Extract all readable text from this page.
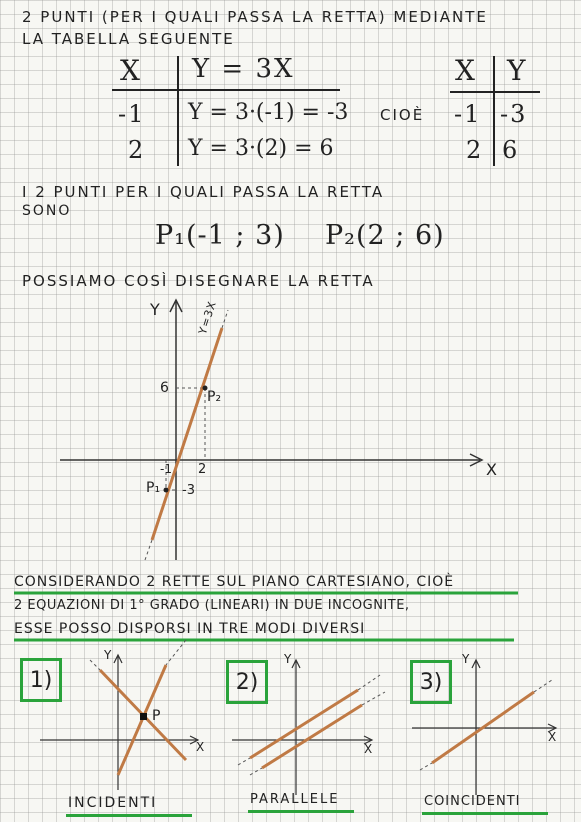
2 PUNTI (PER I QUALI PASSA LA RETTA) MEDIANTE
LA TABELLA SEGUENTE
X Y = 3X
-1 Y = 3·(-1) = -3
2 Y = 3·(2) = 6
CIOÈ
X Y
-1 -3
2 6
I 2 PUNTI PER I QUALI PASSA LA RETTA
SONO
P₁(-1 ; 3) P₂(2 ; 6)
POSSIAMO COSÌ DISEGNARE LA RETTA
Y
X
Y=3X
6
P₂
-1 2
P₁ -3
CONSIDERANDO 2 RETTE SUL PIANO CARTESIANO, CIOÈ
2 EQUAZIONI DI 1° GRADO (LINEARI) IN DUE INCOGNITE,
ESSE POSSO DISPORSI IN TRE MODI DIVERSI
1)	2)	3)
Y
X
P
Y
X
Y
X
INCIDENTI	PARALLELE	COINCIDENTI
